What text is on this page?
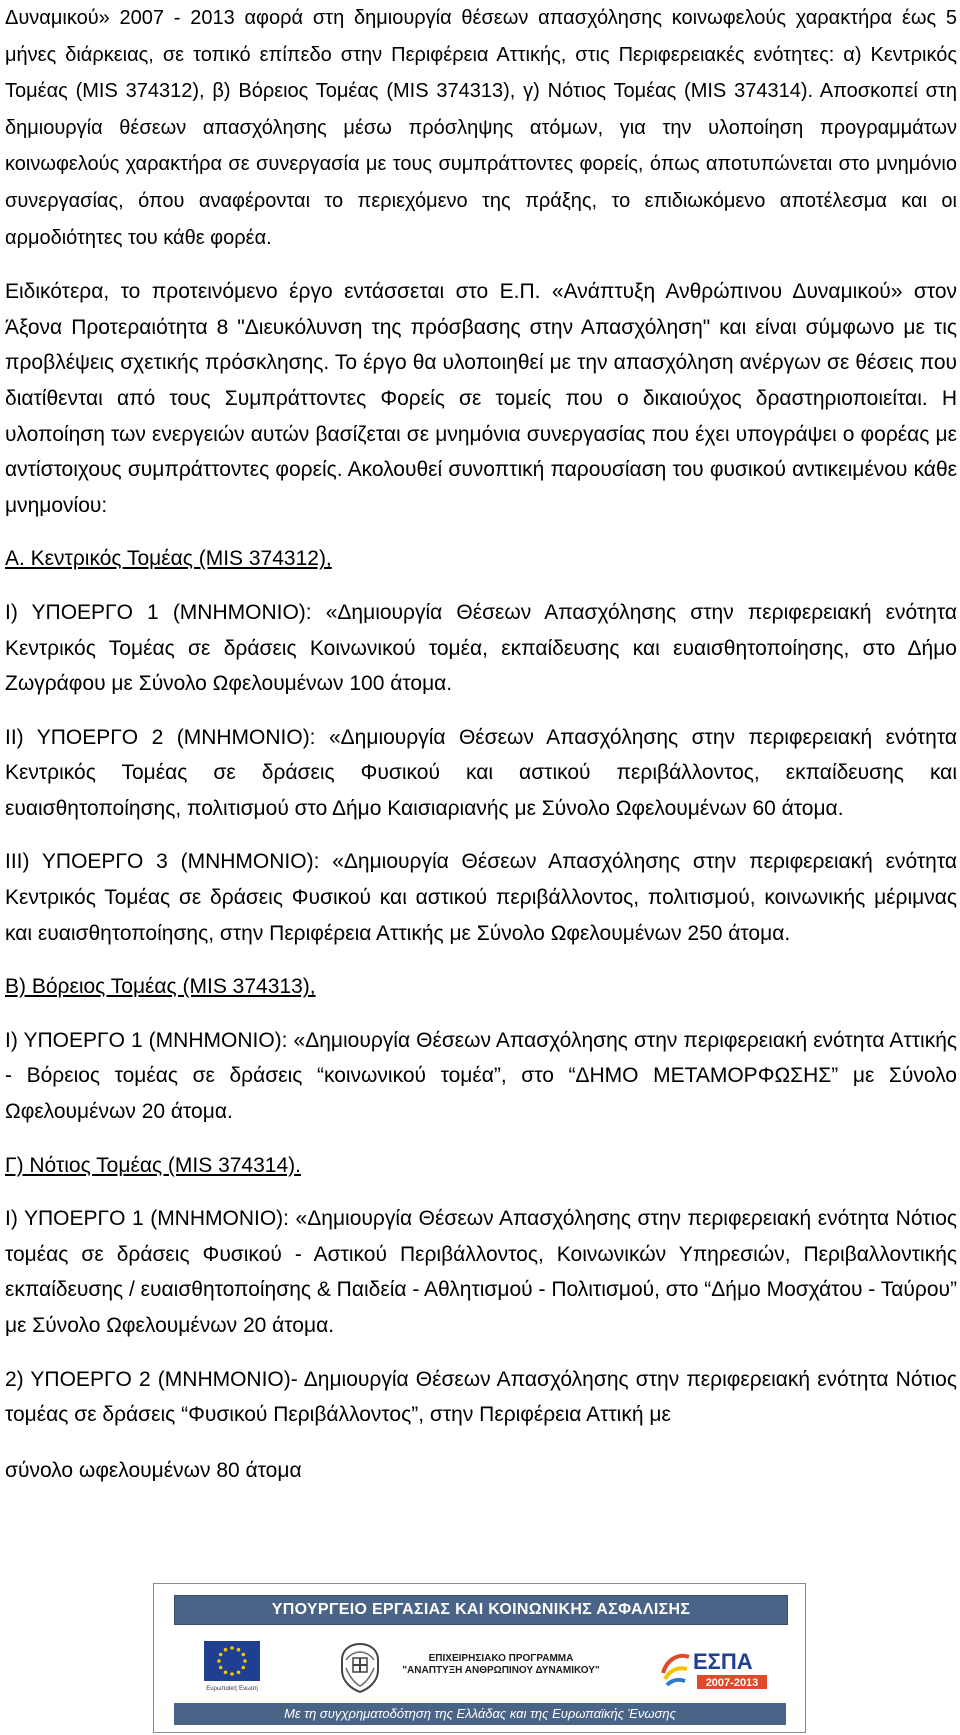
Δυναμικού» 2007 - 2013 αφορά στη δημιουργία θέσεων απασχόλησης κοινωφελούς χαρακτήρα έως 5 μήνες διάρκειας, σε τοπικό επίπεδο στην Περιφέρεια Αττικής, στις Περιφερειακές ενότητες: α) Κεντρικός Τομέας (MIS 374312), β) Βόρειος Τομέας (MIS 374313), γ) Νότιος Τομέας (MIS 374314). Αποσκοπεί στη δημιουργία θέσεων απασχόλησης μέσω πρόσληψης ατόμων, για την υλοποίηση προγραμμάτων κοινωφελούς χαρακτήρα σε συνεργασία με τους συμπράττοντες φορείς, όπως αποτυπώνεται στο μνημόνιο συνεργασίας, όπου αναφέρονται το περιεχόμενο της πράξης, το επιδιωκόμενο αποτέλεσμα και οι αρμοδιότητες του κάθε φορέα.

Ειδικότερα, το προτεινόμενο έργο εντάσσεται στο Ε.Π. «Ανάπτυξη Ανθρώπινου Δυναμικού» στον Άξονα Προτεραιότητα 8 "Διευκόλυνση της πρόσβασης στην Απασχόληση" και είναι σύμφωνο με τις προβλέψεις σχετικής πρόσκλησης. Το έργο θα υλοποιηθεί με την απασχόληση ανέργων σε θέσεις που διατίθενται από τους Συμπράττοντες Φορείς σε τομείς που ο δικαιούχος δραστηριοποιείται. Η υλοποίηση των ενεργειών αυτών βασίζεται σε μνημόνια συνεργασίας που έχει υπογράψει ο φορέας με αντίστοιχους συμπράττοντες φορείς. Ακολουθεί συνοπτική παρουσίαση του φυσικού αντικειμένου κάθε μνημονίου:

Α. Κεντρικός Τομέας (MIS 374312),

Ι) ΥΠΟΕΡΓΟ 1 (ΜΝΗΜΟΝΙΟ): «Δημιουργία Θέσεων Απασχόλησης στην περιφερειακή ενότητα Κεντρικός Τομέας σε δράσεις Κοινωνικού τομέα, εκπαίδευσης και ευαισθητοποίησης, στο Δήμο Ζωγράφου με Σύνολο Ωφελουμένων 100 άτομα.

ΙΙ) ΥΠΟΕΡΓΟ 2 (ΜΝΗΜΟΝΙΟ): «Δημιουργία Θέσεων Απασχόλησης στην περιφερειακή ενότητα Κεντρικός Τομέας σε δράσεις Φυσικού και αστικού περιβάλλοντος, εκπαίδευσης και ευαισθητοποίησης, πολιτισμού στο Δήμο Καισιαριανής με Σύνολο Ωφελουμένων 60 άτομα.

ΙΙΙ) ΥΠΟΕΡΓΟ 3 (ΜΝΗΜΟΝΙΟ): «Δημιουργία Θέσεων Απασχόλησης στην περιφερειακή ενότητα Κεντρικός Τομέας σε δράσεις Φυσικού και αστικού περιβάλλοντος, πολιτισμού, κοινωνικής μέριμνας και ευαισθητοποίησης, στην Περιφέρεια Αττικής με Σύνολο Ωφελουμένων 250 άτομα.

Β) Βόρειος Τομέας (MIS 374313),

Ι) ΥΠΟΕΡΓΟ 1 (ΜΝΗΜΟΝΙΟ): «Δημιουργία Θέσεων Απασχόλησης στην περιφερειακή ενότητα Αττικής - Βόρειος τομέας σε δράσεις “κοινωνικού τομέα”, στο “ΔΗΜΟ ΜΕΤΑΜΟΡΦΩΣΗΣ” με Σύνολο Ωφελουμένων 20 άτομα.

Γ) Νότιος Τομέας (MIS 374314).

Ι) ΥΠΟΕΡΓΟ 1 (ΜΝΗΜΟΝΙΟ): «Δημιουργία Θέσεων Απασχόλησης στην περιφερειακή ενότητα Νότιος τομέας σε δράσεις Φυσικού - Αστικού Περιβάλλοντος, Κοινωνικών Υπηρεσιών, Περιβαλλοντικής εκπαίδευσης / ευαισθητοποίησης & Παιδεία - Αθλητισμού - Πολιτισμού, στο “Δήμο Μοσχάτου - Ταύρου” με Σύνολο Ωφελουμένων 20 άτομα.

2) ΥΠΟΕΡΓΟ 2 (ΜΝΗΜΟΝΙΟ)- Δημιουργία Θέσεων Απασχόλησης στην περιφερειακή ενότητα Νότιος τομέας σε δράσεις “Φυσικού Περιβάλλοντος”, στην Περιφέρεια Αττική με

σύνολο ωφελουμένων 80 άτομα

ΥΠΟΥΡΓΕΙΟ ΕΡΓΑΣΙΑΣ ΚΑΙ ΚΟΙΝΩΝΙΚΗΣ ΑΣΦΑΛΙΣΗΣ
Ευρωπαϊκή Ένωση
ΕΠΙΧΕΙΡΗΣΙΑΚΟ ΠΡΟΓΡΑΜΜΑ
"ΑΝΑΠΤΥΞΗ ΑΝΘΡΩΠΙΝΟΥ ΔΥΝΑΜΙΚΟΥ"	ΕΣΠΑ
2007-2013
Με τη συγχρηματοδότηση της Ελλάδας και της Ευρωπαϊκής Ένωσης
